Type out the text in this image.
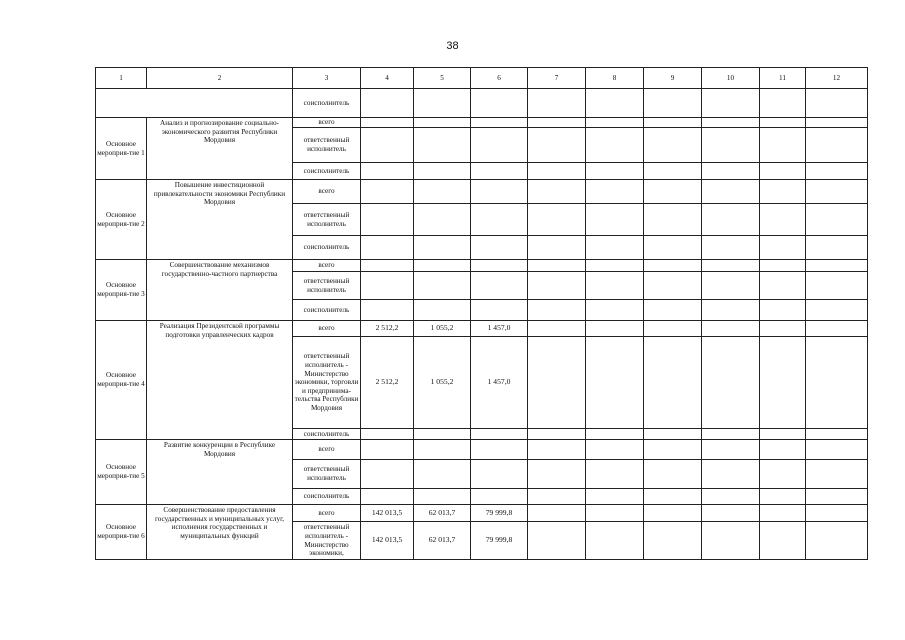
38
1	2	3	4	5	6	7	8	9	10	11	12
		соисполнитель									
Основное мероприя-тие 1	Анализ и прогнозирование социально-экономического развития Республики Мордовия	всего									
		ответственный исполнитель									
		соисполнитель									
Основное мероприя-тие 2	Повышение инвестиционной привлекательности экономики Республики Мордовия	всего									
		ответственный исполнитель									
		соисполнитель									
Основное мероприя-тие 3	Совершенствование механизмов государственно-частного партнерства	всего									
		ответственный исполнитель									
		соисполнитель									
Основное мероприя-тие 4	Реализация Президентской программы подготовки управленческих кадров	всего	2 512,2	1 055,2	1 457,0						
		ответственный исполнитель - Министерство экономики, торговли и предпринима-тельства Республики Мордовия	2 512,2	1 055,2	1 457,0						
		соисполнитель									
Основное мероприя-тие 5	Развитие конкуренции в Республике Мордовия	всего									
		ответственный исполнитель									
		соисполнитель									
Основное мероприя-тие 6	Совершенствование предоставления государственных и муниципальных услуг, исполнения государственных и муниципальных функций	всего	142 013,5	62 013,7	79 999,8						
		ответственный исполнитель - Министерство экономики,	142 013,5	62 013,7	79 999,8						
